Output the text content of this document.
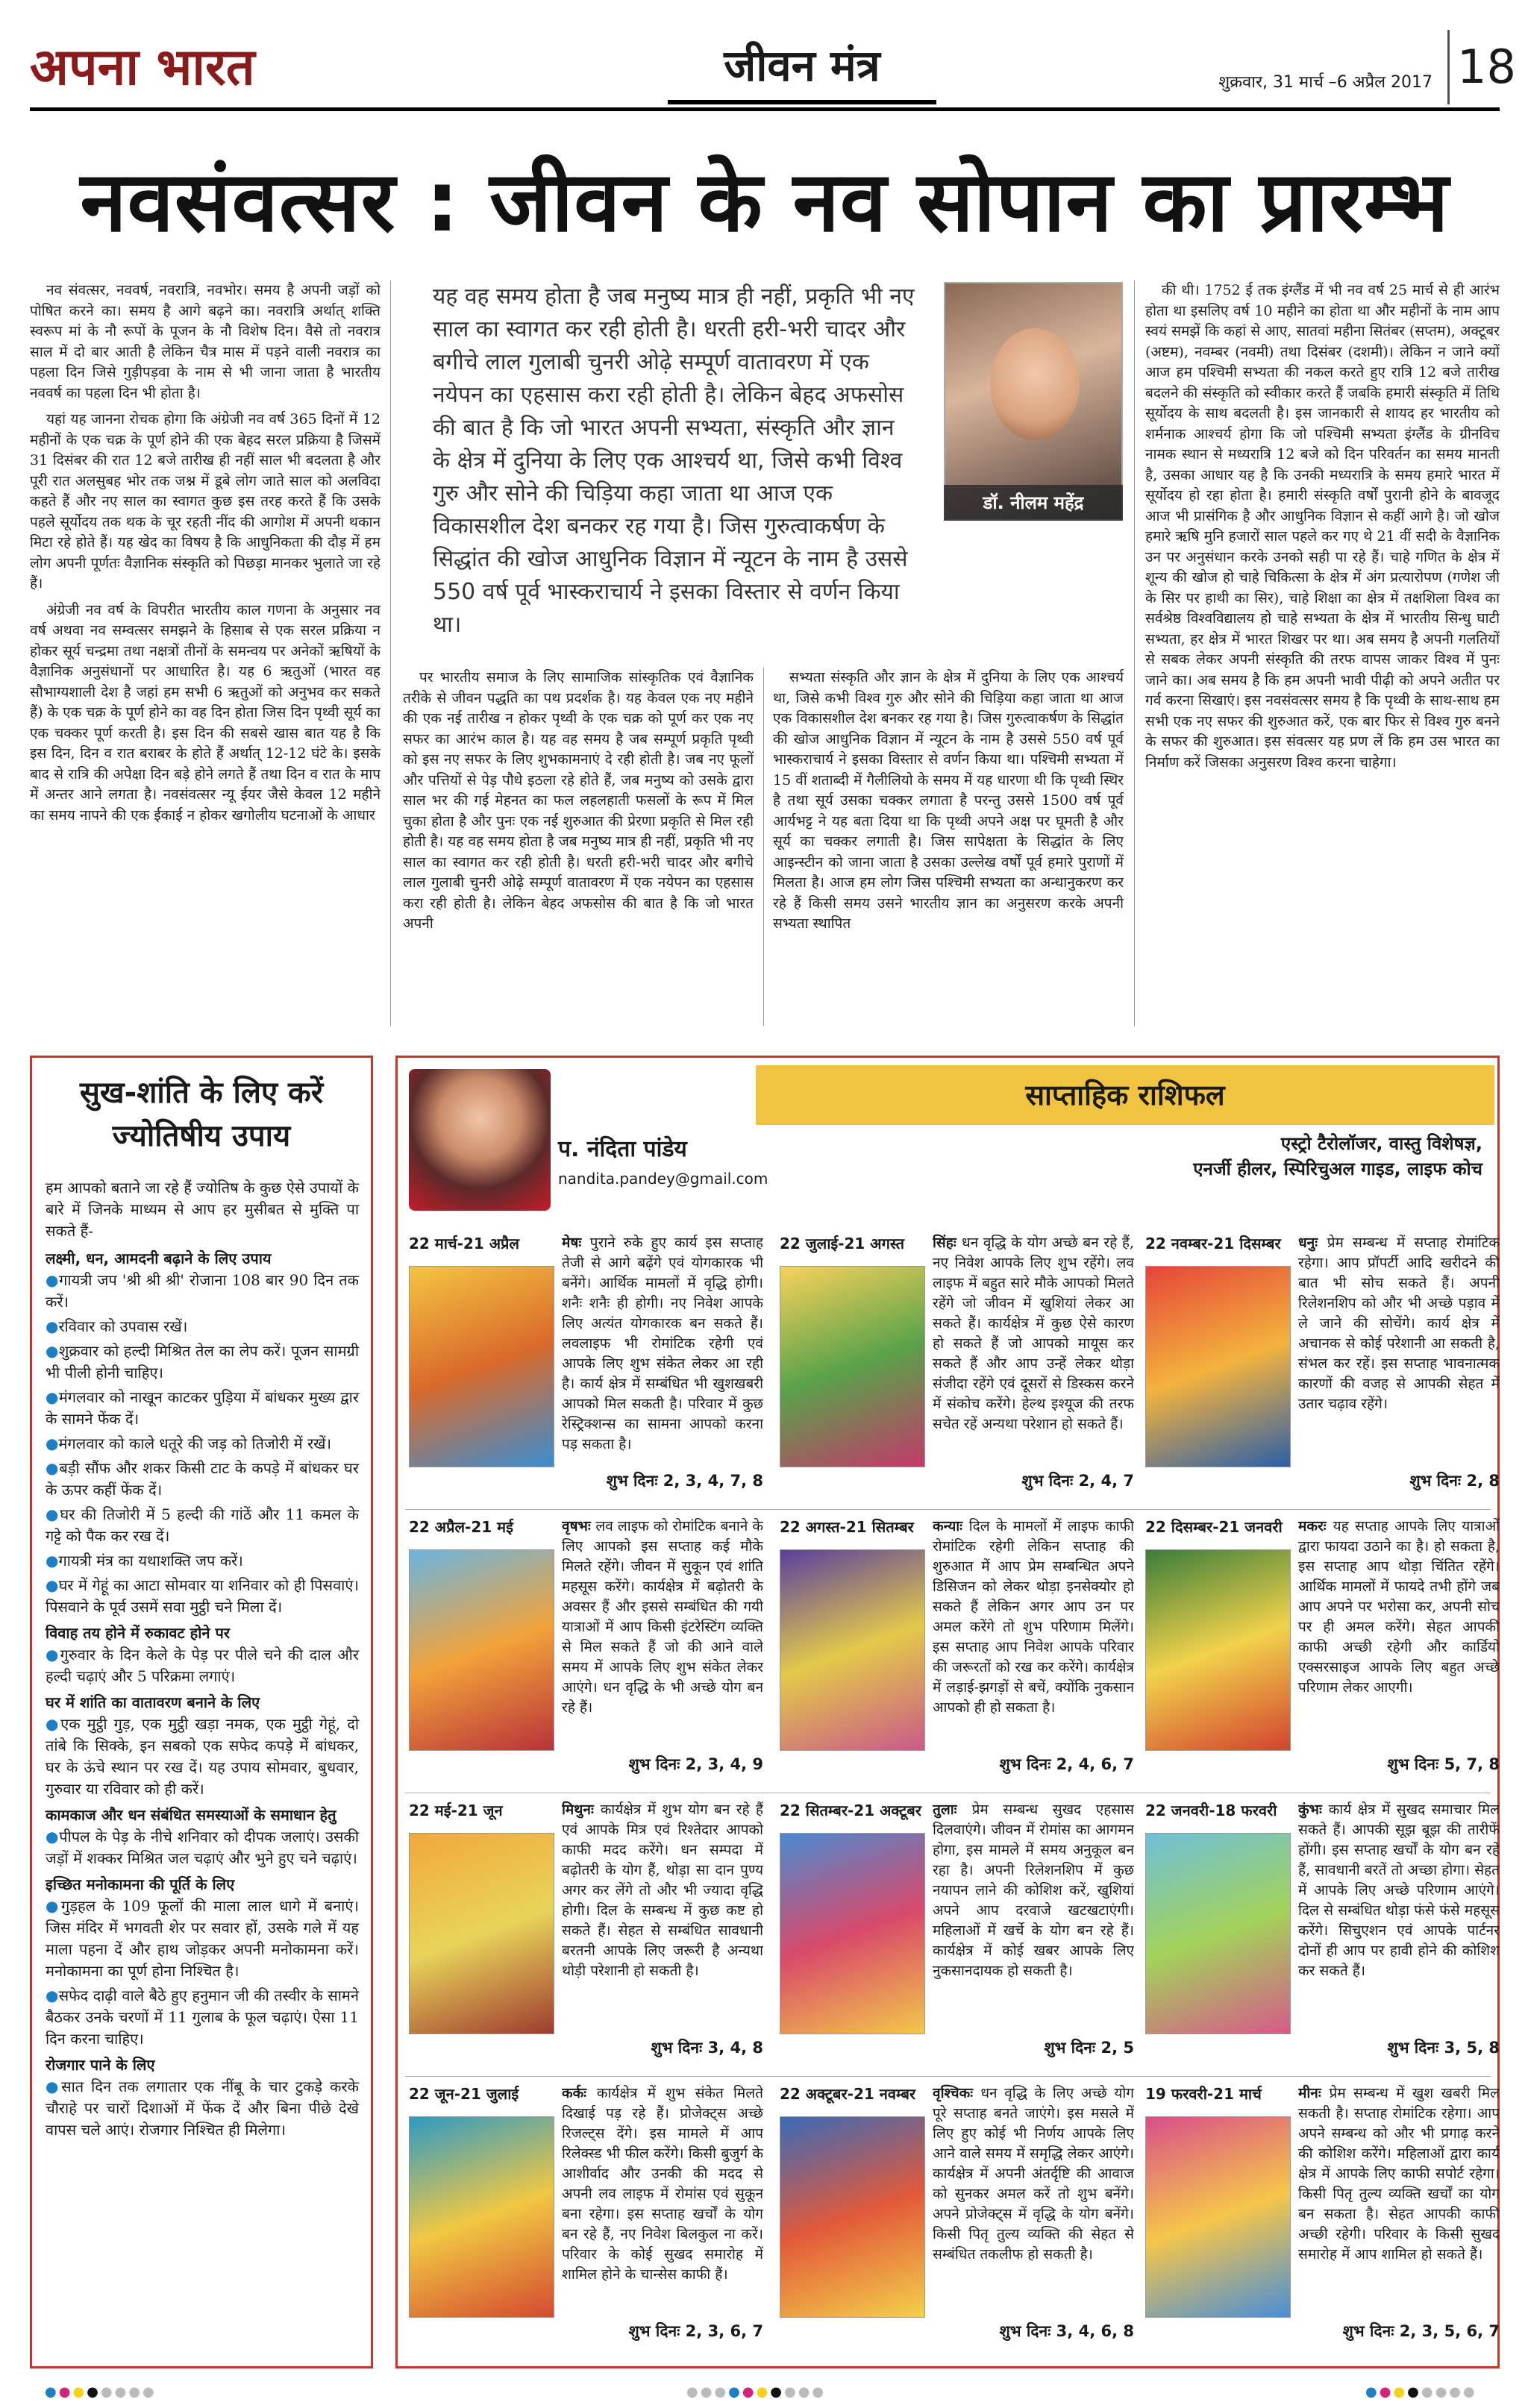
अपना भारत	जीवन मंत्र	शुक्रवार, 31 मार्च –6 अप्रैल 2017 18
नवसंवत्सर : जीवन के नव सोपान का प्रारम्भ

नव संवत्सर, नववर्ष, नवरात्रि, नवभोर। समय है अपनी जड़ों को पोषित करने का। समय है आगे बढ़ने का। नवरात्रि अर्थात् शक्ति स्वरूप मां के नौ रूपों के पूजन के नौ विशेष दिन। वैसे तो नवरात्र साल में दो बार आती है लेकिन चैत्र मास में पड़ने वाली नवरात्र का पहला दिन जिसे गुड़ीपड़वा के नाम से भी जाना जाता है भारतीय नववर्ष का पहला दिन भी होता है।

यहां यह जानना रोचक होगा कि अंग्रेजी नव वर्ष 365 दिनों में 12 महीनों के एक चक्र के पूर्ण होने की एक बेहद सरल प्रक्रिया है जिसमें 31 दिसंबर की रात 12 बजे तारीख ही नहीं साल भी बदलता है और पूरी रात अलसुबह भोर तक जश्न में डूबे लोग जाते साल को अलविदा कहते हैं और नए साल का स्वागत कुछ इस तरह करते हैं कि उसके पहले सूर्योदय तक थक के चूर रहती नींद की आगोश में अपनी थकान मिटा रहे होते हैं। यह खेद का विषय है कि आधुनिकता की दौड़ में हम लोग अपनी पूर्णतः वैज्ञानिक संस्कृति को पिछड़ा मानकर भुलाते जा रहे हैं।

अंग्रेजी नव वर्ष के विपरीत भारतीय काल गणना के अनुसार नव वर्ष अथवा नव सम्वत्सर समझने के हिसाब से एक सरल प्रक्रिया न होकर सूर्य चन्द्रमा तथा नक्षत्रों तीनों के समन्वय पर अनेकों ऋषियों के वैज्ञानिक अनुसंधानों पर आधारित है। यह 6 ऋतुओं (भारत वह सौभाग्यशाली देश है जहां हम सभी 6 ऋतुओं को अनुभव कर सकते हैं) के एक चक्र के पूर्ण होने का वह दिन होता जिस दिन पृथ्वी सूर्य का एक चक्कर पूर्ण करती है। इस दिन की सबसे खास बात यह है कि इस दिन, दिन व रात बराबर के होते हैं अर्थात् 12-12 घंटे के। इसके बाद से रात्रि की अपेक्षा दिन बड़े होने लगते हैं तथा दिन व रात के माप में अन्तर आने लगता है। नवसंवत्सर न्यू ईयर जैसे केवल 12 महीने का समय नापने की एक ईकाई न होकर खगोलीय घटनाओं के आधार

यह वह समय होता है जब मनुष्य मात्र ही नहीं, प्रकृति भी नए साल का स्वागत कर रही होती है। धरती हरी-भरी चादर और बगीचे लाल गुलाबी चुनरी ओढ़े सम्पूर्ण वातावरण में एक नयेपन का एहसास करा रही होती है। लेकिन बेहद अफसोस की बात है कि जो भारत अपनी सभ्यता, संस्कृति और ज्ञान के क्षेत्र में दुनिया के लिए एक आश्चर्य था, जिसे कभी विश्व गुरु और सोने की चिड़िया कहा जाता था आज एक विकासशील देश बनकर रह गया है। जिस गुरुत्वाकर्षण के सिद्धांत की खोज आधुनिक विज्ञान में न्यूटन के नाम है उससे 550 वर्ष पूर्व भास्कराचार्य ने इसका विस्तार से वर्णन किया था।
डॉ. नीलम महेंद्र

पर भारतीय समाज के लिए सामाजिक सांस्कृतिक एवं वैज्ञानिक तरीके से जीवन पद्धति का पथ प्रदर्शक है। यह केवल एक नए महीने की एक नई तारीख न होकर पृथ्वी के एक चक्र को पूर्ण कर एक नए सफर का आरंभ काल है। यह वह समय है जब सम्पूर्ण प्रकृति पृथ्वी को इस नए सफर के लिए शुभकामनाएं दे रही होती है। जब नए फूलों और पत्तियों से पेड़ पौधे इठला रहे होते हैं, जब मनुष्य को उसके द्वारा साल भर की गई मेहनत का फल लहलहाती फसलों के रूप में मिल चुका होता है और पुनः एक नई शुरुआत की प्रेरणा प्रकृति से मिल रही होती है। यह वह समय होता है जब मनुष्य मात्र ही नहीं, प्रकृति भी नए साल का स्वागत कर रही होती है। धरती हरी-भरी चादर और बगीचे लाल गुलाबी चुनरी ओढ़े सम्पूर्ण वातावरण में एक नयेपन का एहसास करा रही होती है। लेकिन बेहद अफसोस की बात है कि जो भारत अपनी

सभ्यता संस्कृति और ज्ञान के क्षेत्र में दुनिया के लिए एक आश्चर्य था, जिसे कभी विश्व गुरु और सोने की चिड़िया कहा जाता था आज एक विकासशील देश बनकर रह गया है। जिस गुरुत्वाकर्षण के सिद्धांत की खोज आधुनिक विज्ञान में न्यूटन के नाम है उससे 550 वर्ष पूर्व भास्कराचार्य ने इसका विस्तार से वर्णन किया था। पश्चिमी सभ्यता में 15 वीं शताब्दी में गैलीलियो के समय में यह धारणा थी कि पृथ्वी स्थिर है तथा सूर्य उसका चक्कर लगाता है परन्तु उससे 1500 वर्ष पूर्व आर्यभट्ट ने यह बता दिया था कि पृथ्वी अपने अक्ष पर घूमती है और सूर्य का चक्कर लगाती है। जिस सापेक्षता के सिद्धांत के लिए आइन्स्टीन को जाना जाता है उसका उल्लेख वर्षों पूर्व हमारे पुराणों में मिलता है। आज हम लोग जिस पश्चिमी सभ्यता का अन्धानुकरण कर रहे हैं किसी समय उसने भारतीय ज्ञान का अनुसरण करके अपनी सभ्यता स्थापित

की थी। 1752 ई तक इंग्लैंड में भी नव वर्ष 25 मार्च से ही आरंभ होता था इसलिए वर्ष 10 महीने का होता था और महीनों के नाम आप स्वयं समझें कि कहां से आए, सातवां महीना सितंबर (सप्तम), अक्टूबर (अष्टम), नवम्बर (नवमी) तथा दिसंबर (दशमी)। लेकिन न जाने क्यों आज हम पश्चिमी सभ्यता की नकल करते हुए रात्रि 12 बजे तारीख बदलने की संस्कृति को स्वीकार करते हैं जबकि हमारी संस्कृति में तिथि सूर्योदय के साथ बदलती है। इस जानकारी से शायद हर भारतीय को शर्मनाक आश्चर्य होगा कि जो पश्चिमी सभ्यता इंग्लैंड के ग्रीनविच नामक स्थान से मध्यरात्रि 12 बजे को दिन परिवर्तन का समय मानती है, उसका आधार यह है कि उनकी मध्यरात्रि के समय हमारे भारत में सूर्योदय हो रहा होता है। हमारी संस्कृति वर्षों पुरानी होने के बावजूद आज भी प्रासंगिक है और आधुनिक विज्ञान से कहीं आगे है। जो खोज हमारे ऋषि मुनि हजारों साल पहले कर गए थे 21 वीं सदी के वैज्ञानिक उन पर अनुसंधान करके उनको सही पा रहे हैं। चाहे गणित के क्षेत्र में शून्य की खोज हो चाहे चिकित्सा के क्षेत्र में अंग प्रत्यारोपण (गणेश जी के सिर पर हाथी का सिर), चाहे शिक्षा का क्षेत्र में तक्षशिला विश्व का सर्वश्रेष्ठ विश्वविद्यालय हो चाहे सभ्यता के क्षेत्र में भारतीय सिन्धु घाटी सभ्यता, हर क्षेत्र में भारत शिखर पर था। अब समय है अपनी गलतियों से सबक लेकर अपनी संस्कृति की तरफ वापस जाकर विश्व में पुनः जाने का। अब समय है कि हम अपनी भावी पीढ़ी को अपने अतीत पर गर्व करना सिखाएं। इस नवसंवत्सर समय है कि पृथ्वी के साथ-साथ हम सभी एक नए सफर की शुरुआत करें, एक बार फिर से विश्व गुरु बनने के सफर की शुरुआत। इस संवत्सर यह प्रण लें कि हम उस भारत का निर्माण करें जिसका अनुसरण विश्व करना चाहेगा।

सुख-शांति के लिए करें ज्योतिषीय उपाय
हम आपको बताने जा रहे हैं ज्योतिष के कुछ ऐसे उपायों के बारे में जिनके माध्यम से आप हर मुसीबत से मुक्ति पा सकते हैं-
लक्ष्मी, धन, आमदनी बढ़ाने के लिए उपाय
● गायत्री जप 'श्री श्री श्री' रोजाना 108 बार 90 दिन तक करें।
● रविवार को उपवास रखें।
● शुक्रवार को हल्दी मिश्रित तेल का लेप करें। पूजन सामग्री भी पीली होनी चाहिए।
● मंगलवार को नाखून काटकर पुड़िया में बांधकर मुख्य द्वार के सामने फेंक दें।
● मंगलवार को काले धतूरे की जड़ को तिजोरी में रखें।
● बड़ी सौंफ और शकर किसी टाट के कपड़े में बांधकर घर के ऊपर कहीं फेंक दें।
● घर की तिजोरी में 5 हल्दी की गांठें और 11 कमल के गट्टे को पैक कर रख दें।
● गायत्री मंत्र का यथाशक्ति जप करें।
● घर में गेहूं का आटा सोमवार या शनिवार को ही पिसवाएं। पिसवाने के पूर्व उसमें सवा मुट्ठी चने मिला दें।
विवाह तय होने में रुकावट होने पर
● गुरुवार के दिन केले के पेड़ पर पीले चने की दाल और हल्दी चढ़ाएं और 5 परिक्रमा लगाएं।
घर में शांति का वातावरण बनाने के लिए
● एक मुट्ठी गुड़, एक मुट्ठी खड़ा नमक, एक मुट्ठी गेहूं, दो तांबे कि सिक्के, इन सबको एक सफेद कपड़े में बांधकर, घर के ऊंचे स्थान पर रख दें। यह उपाय सोमवार, बुधवार, गुरुवार या रविवार को ही करें।
कामकाज और धन संबंधित समस्याओं के समाधान हेतु
● पीपल के पेड़ के नीचे शनिवार को दीपक जलाएं। उसकी जड़ों में शक्कर मिश्रित जल चढ़ाएं और भुने हुए चने चढ़ाएं।
इच्छित मनोकामना की पूर्ति के लिए
● गुड़हल के 109 फूलों की माला लाल धागे में बनाएं। जिस मंदिर में भगवती शेर पर सवार हों, उसके गले में यह माला पहना दें और हाथ जोड़कर अपनी मनोकामना करें। मनोकामना का पूर्ण होना निश्चित है।
● सफेद दाढ़ी वाले बैठे हुए हनुमान जी की तस्वीर के सामने बैठकर उनके चरणों में 11 गुलाब के फूल चढ़ाएं। ऐसा 11 दिन करना चाहिए।
रोजगार पाने के लिए
● सात दिन तक लगातार एक नींबू के चार टुकड़े करके चौराहे पर चारों दिशाओं में फेंक दें और बिना पीछे देखे वापस चले आएं। रोजगार निश्चित ही मिलेगा।
साप्ताहिक राशिफल
प. नंदिता पांडेय
nandita.pandey@gmail.com
एस्ट्रो टैरोलॉजर, वास्तु विशेषज्ञ,
एनर्जी हीलर, स्पिरिचुअल गाइड, लाइफ कोच
22 मार्च-21 अप्रैल	मेषः पुराने रुके हुए कार्य इस सप्ताह तेजी से आगे बढ़ेंगे एवं योगकारक भी बनेंगे। आर्थिक मामलों में वृद्धि होगी। शनैः शनैः ही होगी। नए निवेश आपके लिए अत्यंत योगकारक बन सकते हैं। लवलाइफ भी रोमांटिक रहेगी एवं आपके लिए शुभ संकेत लेकर आ रही है। कार्य क्षेत्र में सम्बंधित भी खुशखबरी आपको मिल सकती है। परिवार में कुछ रेस्ट्रिक्शन्स का सामना आपको करना पड़ सकता है।
शुभ दिनः 2, 3, 4, 7, 8
22 जुलाई-21 अगस्त सिंहः धन वृद्धि के योग अच्छे बन रहे हैं, नए निवेश आपके लिए शुभ रहेंगे। लव लाइफ में बहुत सारे मौके आपको मिलते रहेंगे जो जीवन में खुशियां लेकर आ सकते हैं। कार्यक्षेत्र में कुछ ऐसे कारण हो सकते हैं जो आपको मायूस कर सकते हैं और आप उन्हें लेकर थोड़ा संजीदा रहेंगे एवं दूसरों से डिस्कस करने में संकोच करेंगे। हेल्थ इश्यूज की तरफ सचेत रहें अन्यथा परेशान हो सकते हैं।
शुभ दिनः 2, 4, 7
22 नवम्बर-21 दिसम्बर धनुः प्रेम सम्बन्ध में सप्ताह रोमांटिक रहेगा। आप प्रॉपर्टी आदि खरीदने की बात भी सोच सकते हैं। अपनी रिलेशनशिप को और भी अच्छे पड़ाव में ले जाने की सोचेंगे। कार्य क्षेत्र में अचानक से कोई परेशानी आ सकती है, संभल कर रहें। इस सप्ताह भावनात्मक कारणों की वजह से आपकी सेहत में उतार चढ़ाव रहेंगे।
शुभ दिनः 2, 8
22 अप्रैल-21 मई	वृषभः लव लाइफ को रोमांटिक बनाने के लिए आपको इस सप्ताह कई मौके मिलते रहेंगे। जीवन में सुकून एवं शांति महसूस करेंगे। कार्यक्षेत्र में बढ़ोतरी के अवसर हैं और इससे सम्बंधित की गयी यात्राओं में आप किसी इंटरेस्टिंग व्यक्ति से मिल सकते हैं जो की आने वाले समय में आपके लिए शुभ संकेत लेकर आएंगे। धन वृद्धि के भी अच्छे योग बन रहे हैं।
शुभ दिनः 2, 3, 4, 9
22 अगस्त-21 सितम्बर कन्याः दिल के मामलों में लाइफ काफी रोमांटिक रहेगी लेकिन सप्ताह की शुरुआत में आप प्रेम सम्बन्धित अपने डिसिजन को लेकर थोड़ा इनसेक्योर हो सकते हैं लेकिन अगर आप उन पर अमल करेंगे तो शुभ परिणाम मिलेंगे। इस सप्ताह आप निवेश आपके परिवार की जरूरतों को रख कर करेंगे। कार्यक्षेत्र में लड़ाई-झगड़ों से बचें, क्योंकि नुकसान आपको ही हो सकता है।
शुभ दिनः 2, 4, 6, 7
22 दिसम्बर-21 जनवरी मकरः यह सप्ताह आपके लिए यात्राओं द्वारा फायदा उठाने का है। हो सकता है, इस सप्ताह आप थोड़ा चिंतित रहेंगे। आर्थिक मामलों में फायदे तभी होंगे जब आप अपने पर भरोसा कर, अपनी सोच पर ही अमल करेंगे। सेहत आपकी काफी अच्छी रहेगी और कार्डियो एक्सरसाइज आपके लिए बहुत अच्छे परिणाम लेकर आएगी।
शुभ दिनः 5, 7, 8
22 मई-21 जून	मिथुनः कार्यक्षेत्र में शुभ योग बन रहे हैं एवं आपके मित्र एवं रिश्तेदार आपको काफी मदद करेंगे। धन सम्पदा में बढ़ोतरी के योग हैं, थोड़ा सा दान पुण्य अगर कर लेंगे तो और भी ज्यादा वृद्धि होगी। दिल के सम्बन्ध में कुछ कष्ट हो सकते हैं। सेहत से सम्बंधित सावधानी बरतनी आपके लिए जरूरी है अन्यथा थोड़ी परेशानी हो सकती है।
शुभ दिनः 3, 4, 8
22 सितम्बर-21 अक्टूबर तुलाः प्रेम सम्बन्ध सुखद एहसास दिलवाएंगे। जीवन में रोमांस का आगमन होगा, इस मामले में समय अनुकूल बन रहा है। अपनी रिलेशनशिप में कुछ नयापन लाने की कोशिश करें, खुशियां अपने आप दरवाजे खटखटाएंगी। महिलाओं में खर्चे के योग बन रहे हैं। कार्यक्षेत्र में कोई खबर आपके लिए नुकसानदायक हो सकती है।
शुभ दिनः 2, 5
22 जनवरी-18 फरवरी कुंभः कार्य क्षेत्र में सुखद समाचार मिल सकते हैं। आपकी सूझ बूझ की तारीफें होंगी। इस सप्ताह खर्चों के योग बन रहे हैं, सावधानी बरतें तो अच्छा होगा। सेहत में आपके लिए अच्छे परिणाम आएंगे। दिल से सम्बंधित थोड़ा फंसे फंसे महसूस करेंगे। सिचुएशन एवं आपके पार्टनर दोनों ही आप पर हावी होने की कोशिश कर सकते हैं।
शुभ दिनः 3, 5, 8
22 जून-21 जुलाई	कर्कः कार्यक्षेत्र में शुभ संकेत मिलते दिखाई पड़ रहे हैं। प्रोजेक्ट्स अच्छे रिजल्ट्स देंगे। इस मामले में आप रिलेक्स्ड भी फील करेंगे। किसी बुजुर्ग के आशीर्वाद और उनकी की मदद से अपनी लव लाइफ में रोमांस एवं सुकून बना रहेगा। इस सप्ताह खर्चों के योग बन रहे हैं, नए निवेश बिलकुल ना करें। परिवार के कोई सुखद समारोह में शामिल होने के चान्सेस काफी हैं।
शुभ दिनः 2, 3, 6, 7
22 अक्टूबर-21 नवम्बर वृश्चिकः धन वृद्धि के लिए अच्छे योग पूरे सप्ताह बनते जाएंगे। इस मसले में लिए हुए कोई भी निर्णय आपके लिए आने वाले समय में समृद्धि लेकर आएंगे। कार्यक्षेत्र में अपनी अंतर्दृष्टि की आवाज को सुनकर अमल करें तो शुभ बनेंगे। अपने प्रोजेक्ट्स में वृद्धि के योग बनेंगे। किसी पितृ तुल्य व्यक्ति की सेहत से सम्बंधित तकलीफ हो सकती है।
शुभ दिनः 3, 4, 6, 8
19 फरवरी-21 मार्च	मीनः प्रेम सम्बन्ध में खुश खबरी मिल सकती है। सप्ताह रोमांटिक रहेगा। आप अपने सम्बन्ध को और भी प्रगाढ़ करने की कोशिश करेंगे। महिलाओं द्वारा कार्य क्षेत्र में आपके लिए काफी सपोर्ट रहेगा। किसी पितृ तुल्य व्यक्ति खर्चों का योग बन सकता है। सेहत आपकी काफी अच्छी रहेगी। परिवार के किसी सुखद समारोह में आप शामिल हो सकते हैं।
शुभ दिनः 2, 3, 5, 6, 7
●●●●●●●●	●●●●●●●●●●	●●●●●●●●
